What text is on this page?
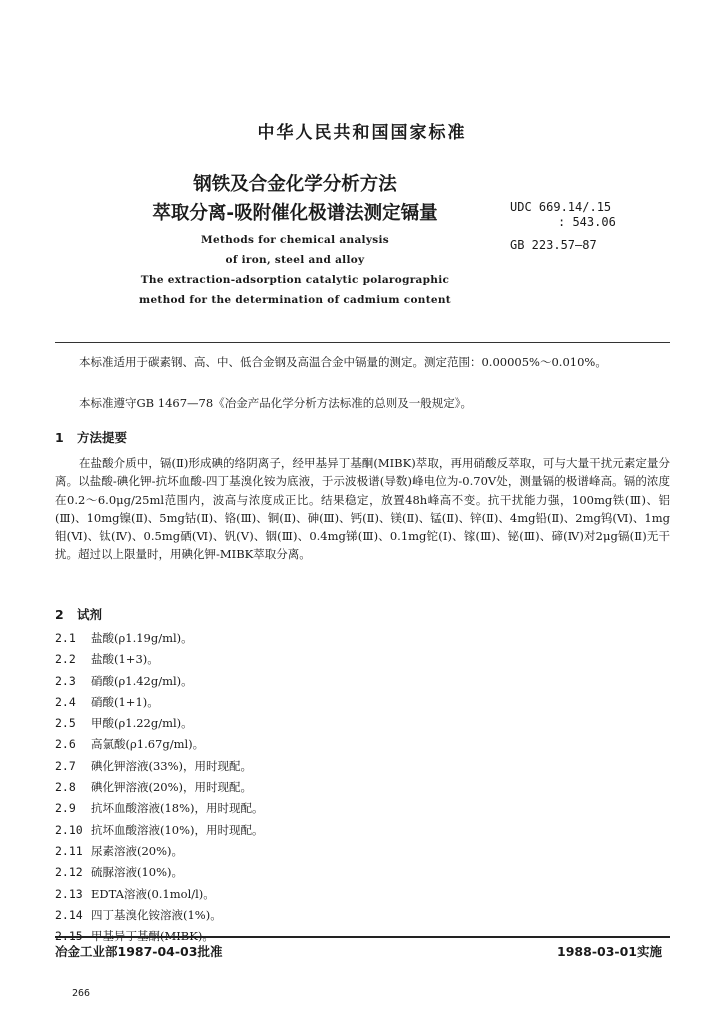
中华人民共和国国家标准
钢铁及合金化学分析方法
萃取分离-吸附催化极谱法测定镉量	UDC 669.14/.15
: 543.06
GB 223.57—87
Methods for chemical analysis
of iron, steel and alloy
The extraction-adsorption catalytic polarographic
method for the determination of cadmium content
本标准适用于碳素钢、高、中、低合金钢及高温合金中镉量的测定。测定范围：0.00005%～0.010%。
本标准遵守GB 1467—78《冶金产品化学分析方法标准的总则及一般规定》。
1 方法提要
在盐酸介质中，镉(Ⅱ)形成碘的络阴离子，经甲基异丁基酮(MIBK)萃取，再用硝酸反萃取，可与大量干扰元素定量分离。以盐酸-碘化钾-抗坏血酸-四丁基溴化铵为底液，于示波极谱(导数)峰电位为-0.70V处，测量镉的极谱峰高。镉的浓度在0.2～6.0μg/25ml范围内，波高与浓度成正比。结果稳定，放置48h峰高不变。抗干扰能力强，100mg铁(Ⅲ)、铝(Ⅲ)、10mg镍(Ⅱ)、5mg钴(Ⅱ)、铬(Ⅲ)、铜(Ⅱ)、砷(Ⅲ)、钙(Ⅱ)、镁(Ⅱ)、锰(Ⅱ)、锌(Ⅱ)、4mg铅(Ⅱ)、2mg钨(Ⅵ)、1mg钼(Ⅵ)、钛(Ⅳ)、0.5mg硒(Ⅵ)、钒(Ⅴ)、铟(Ⅲ)、0.4mg锑(Ⅲ)、0.1mg铊(Ⅰ)、镓(Ⅲ)、铋(Ⅲ)、碲(Ⅳ)对2μg镉(Ⅱ)无干扰。超过以上限量时，用碘化钾-MIBK萃取分离。
2 试剂
2.1 盐酸(ρ1.19g/ml)。
2.2 盐酸(1+3)。
2.3 硝酸(ρ1.42g/ml)。
2.4 硝酸(1+1)。
2.5 甲酸(ρ1.22g/ml)。
2.6 高氯酸(ρ1.67g/ml)。
2.7 碘化钾溶液(33%)，用时现配。
2.8 碘化钾溶液(20%)，用时现配。
2.9 抗坏血酸溶液(18%)，用时现配。
2.10 抗坏血酸溶液(10%)，用时现配。
2.11 尿素溶液(20%)。
2.12 硫脲溶液(10%)。
2.13 EDTA溶液(0.1mol/l)。
2.14 四丁基溴化铵溶液(1%)。
2.15 甲基异丁基酮(MIBK)。
冶金工业部1987-04-03批准	1988-03-01实施
266
